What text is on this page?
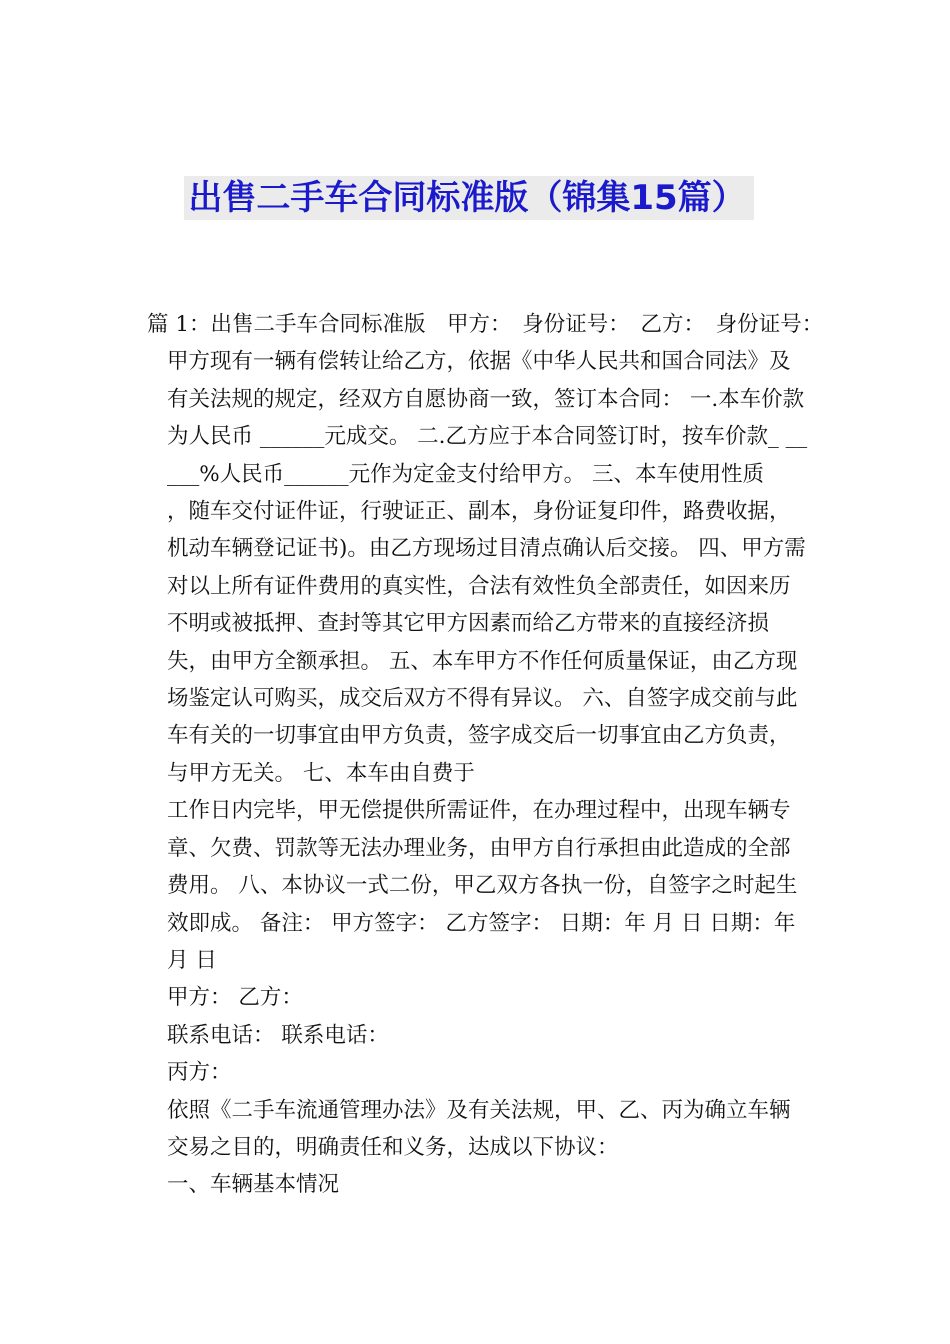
出售二手车合同标准版（锦集15篇）

篇 1：出售二手车合同标准版　甲方：　身份证号：　乙方：　身份证号：

甲方现有一辆有偿转让给乙方，依据《中华人民共和国合同法》及有关法规的规定，经双方自愿协商一致，签订本合同： 一.本车价款为人民币 ______元成交。 二.乙方应于本合同签订时，按车价款_ _____%人民币______元作为定金支付给甲方。 三、本车使用性质

，随车交付证件证，行驶证正、副本，身份证复印件，路费收据，机动车辆登记证书)。由乙方现场过目清点确认后交接。 四、甲方需对以上所有证件费用的真实性，合法有效性负全部责任，如因来历不明或被抵押、查封等其它甲方因素而给乙方带来的直接经济损失，由甲方全额承担。 五、本车甲方不作任何质量保证，由乙方现场鉴定认可购买，成交后双方不得有异议。 六、自签字成交前与此车有关的一切事宜由甲方负责，签字成交后一切事宜由乙方负责，与甲方无关。 七、本车由自费于

工作日内完毕，甲无偿提供所需证件，在办理过程中，出现车辆专章、欠费、罚款等无法办理业务，由甲方自行承担由此造成的全部费用。 八、本协议一式二份，甲乙双方各执一份，自签字之时起生效即成。 备注： 甲方签字： 乙方签字： 日期：年 月 日 日期：年 月 日

甲方： 乙方：

联系电话： 联系电话：

丙方：

依照《二手车流通管理办法》及有关法规，甲、乙、丙为确立车辆交易之目的，明确责任和义务，达成以下协议：

一、车辆基本情况
